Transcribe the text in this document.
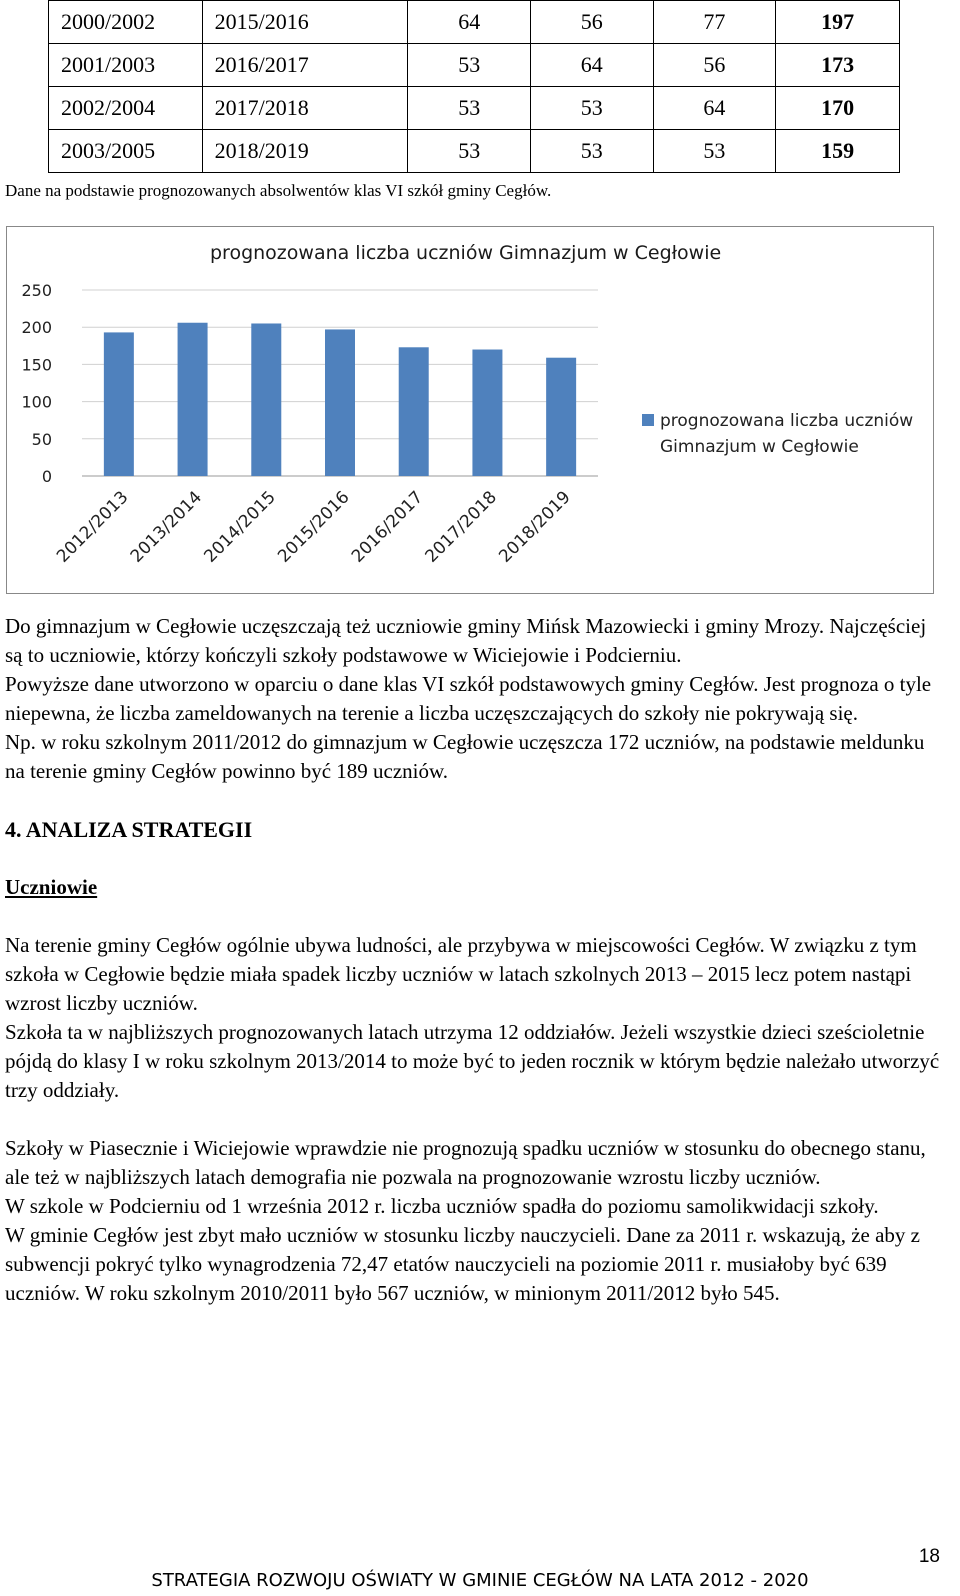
2000/2002	2015/2016	64	56	77	197
2001/2003	2016/2017	53	64	56	173
2002/2004	2017/2018	53	53	64	170
2003/2005	2018/2019	53	53	53	159
Dane na podstawie prognozowanych absolwentów klas VI szkół gminy Cegłów.
prognozowana liczba uczniów Gimnazjum w Cegłowie
0
50
100
150
200
250
2012/2013
2013/2014
2014/2015
2015/2016
2016/2017
2017/2018
2018/2019
prognozowana liczba uczniów
Gimnazjum w Cegłowie

Do gimnazjum w Cegłowie uczęszczają też uczniowie gminy Mińsk Mazowiecki i gminy Mrozy. Najczęściej są to uczniowie, którzy kończyli szkoły podstawowe w Wiciejowie i Podcierniu.

Powyższe dane utworzono w oparciu o dane klas VI szkół podstawowych gminy Cegłów. Jest prognoza o tyle niepewna, że liczba zameldowanych na terenie a liczba uczęszczających do szkoły nie pokrywają się.

Np. w roku szkolnym 2011/2012 do gimnazjum w Cegłowie uczęszcza 172 uczniów, na podstawie meldunku na terenie gminy Cegłów powinno być 189 uczniów.

4. ANALIZA STRATEGII

Uczniowie

Na terenie gminy Cegłów ogólnie ubywa ludności, ale przybywa w miejscowości Cegłów. W związku z tym szkoła w Cegłowie będzie miała spadek liczby uczniów w latach szkolnych 2013 – 2015 lecz potem nastąpi wzrost liczby uczniów.

Szkoła ta w najbliższych prognozowanych latach utrzyma 12 oddziałów. Jeżeli wszystkie dzieci sześcioletnie pójdą do klasy I w roku szkolnym 2013/2014 to może być to jeden rocznik w którym będzie należało utworzyć trzy oddziały.

Szkoły w Piasecznie i Wiciejowie wprawdzie nie prognozują spadku uczniów w stosunku do obecnego stanu, ale też w najbliższych latach demografia nie pozwala na prognozowanie wzrostu liczby uczniów.

W szkole w Podcierniu od 1 września 2012 r. liczba uczniów spadła do poziomu samolikwidacji szkoły.

W gminie Cegłów jest zbyt mało uczniów w stosunku liczby nauczycieli. Dane za 2011 r. wskazują, że aby z subwencji pokryć tylko wynagrodzenia 72,47 etatów nauczycieli na poziomie 2011 r. musiałoby być 639 uczniów. W roku szkolnym 2010/2011 było 567 uczniów, w minionym 2011/2012 było 545.

18
STRATEGIA ROZWOJU OŚWIATY W GMINIE CEGŁÓW NA LATA 2012 - 2020
